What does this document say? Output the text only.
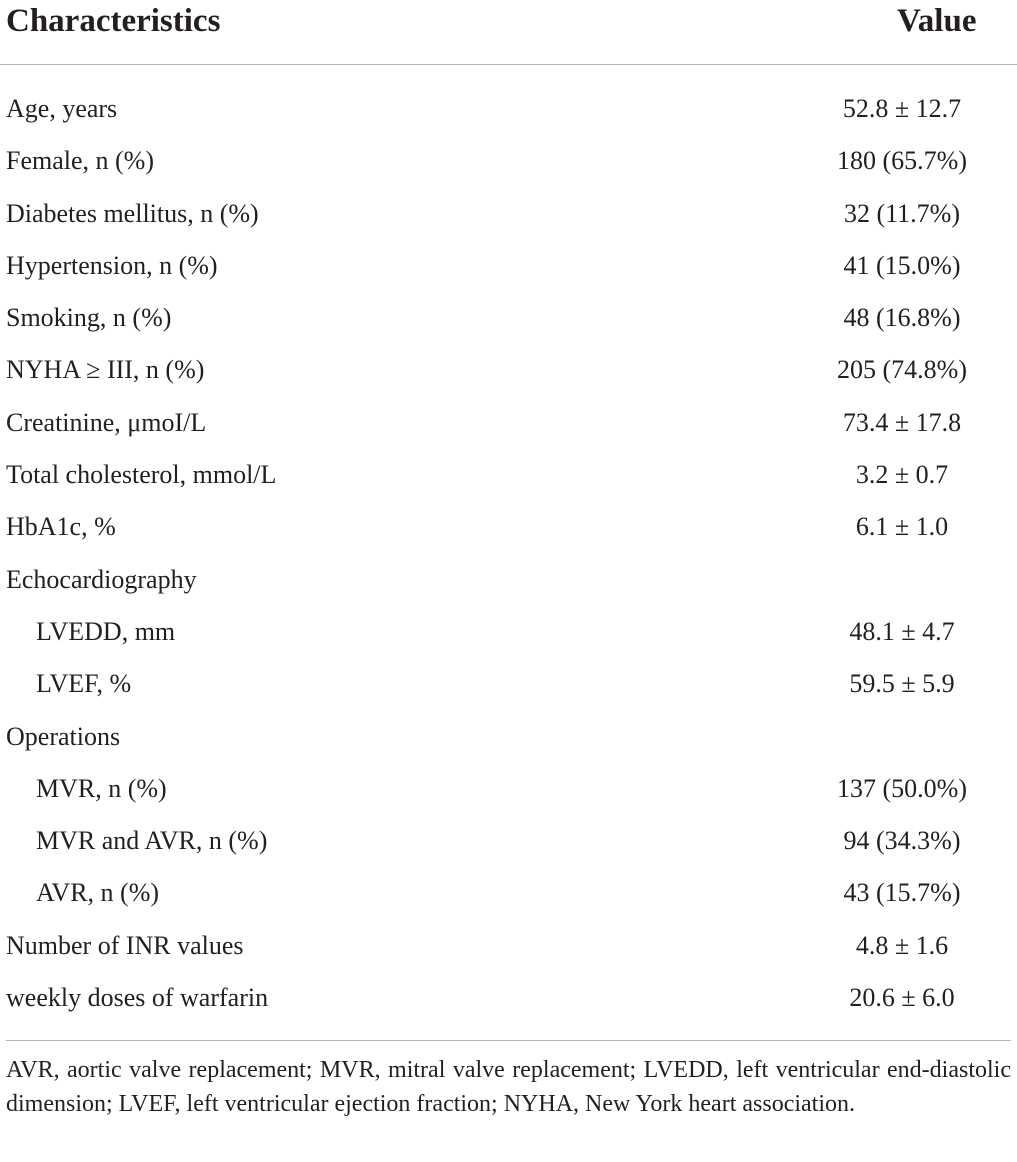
Characteristics	Value
Age, years	52.8 ± 12.7
Female, n (%)	180 (65.7%)
Diabetes mellitus, n (%)	32 (11.7%)
Hypertension, n (%)	41 (15.0%)
Smoking, n (%)	48 (16.8%)
NYHA ≥ III, n (%)	205 (74.8%)
Creatinine, μmoI/L	73.4 ± 17.8
Total cholesterol, mmol/L	3.2 ± 0.7
HbA1c, %	6.1 ± 1.0
Echocardiography
LVEDD, mm	48.1 ± 4.7
LVEF, %	59.5 ± 5.9
Operations
MVR, n (%)	137 (50.0%)
MVR and AVR, n (%)	94 (34.3%)
AVR, n (%)	43 (15.7%)
Number of INR values	4.8 ± 1.6
weekly doses of warfarin	20.6 ± 6.0
AVR, aortic valve replacement; MVR, mitral valve replacement; LVEDD, left ventricular end-diastolic dimension; LVEF, left ventricular ejection fraction; NYHA, New York heart association.
